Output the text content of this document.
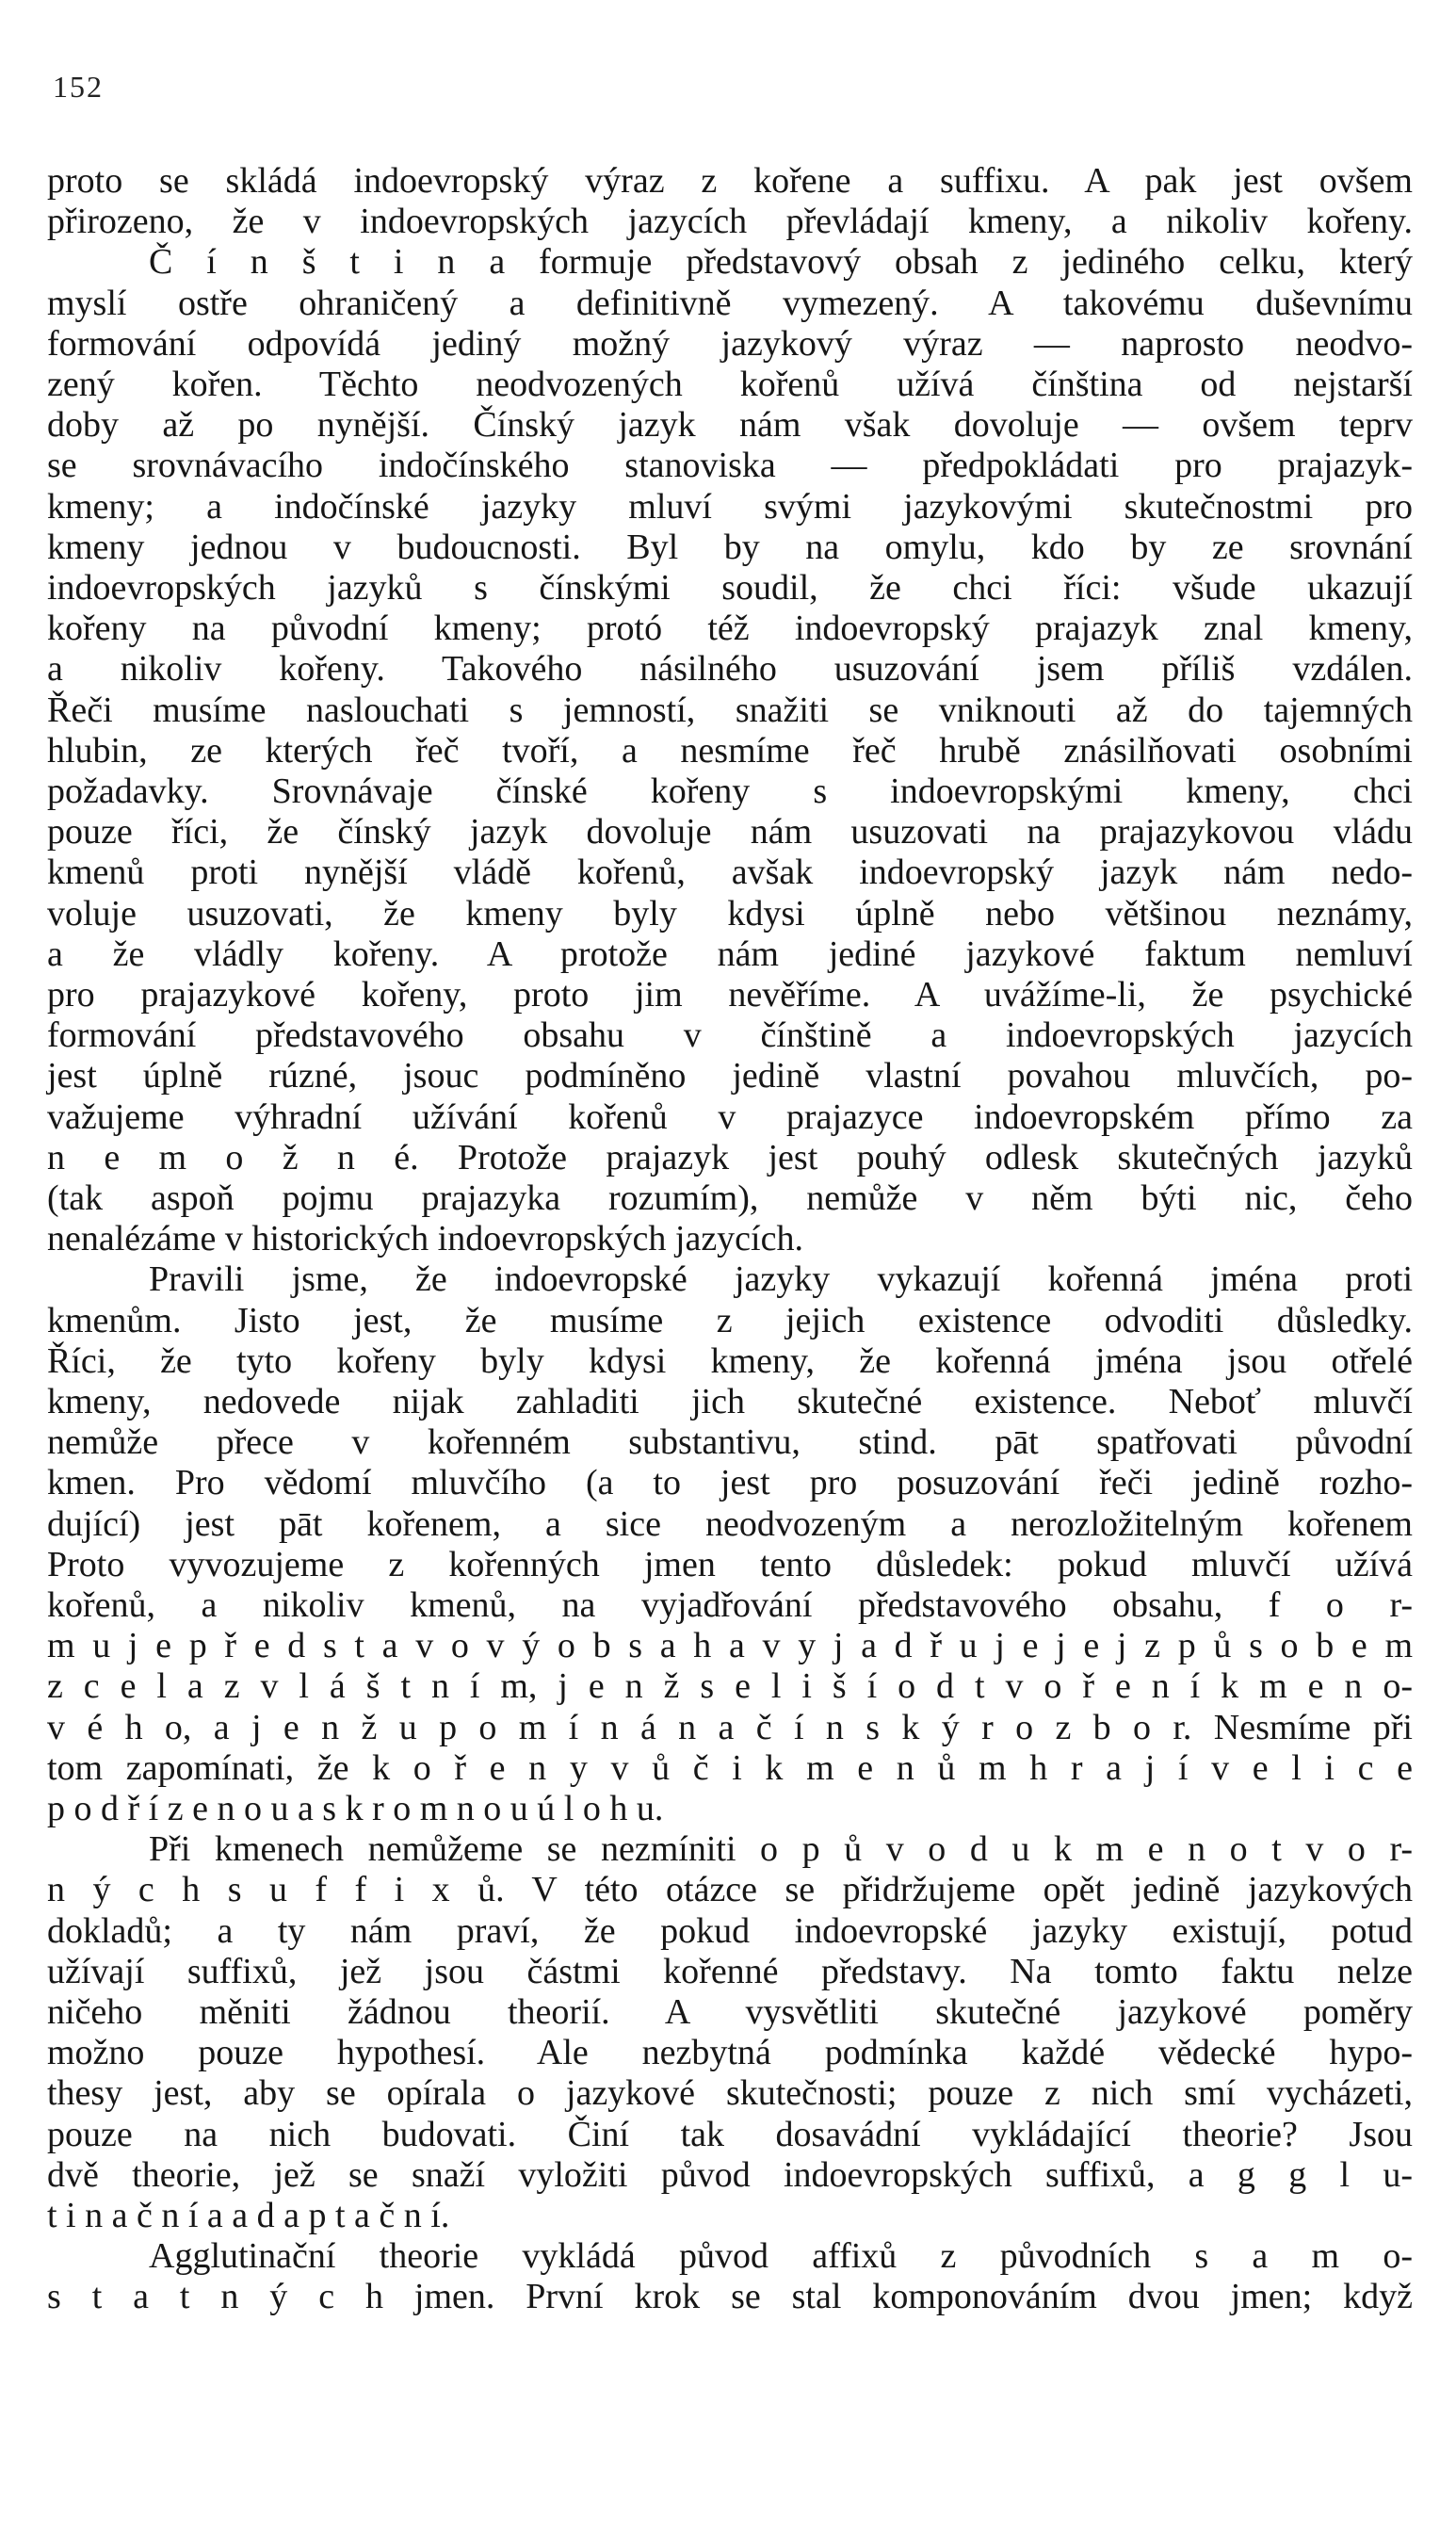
152
proto se skládá indoevropský výraz z kořene a suffixu. A pak jest ovšem
přirozeno, že v indoevropských jazycích převládají kmeny, a nikoliv kořeny.
Č í n š t i n a formuje představový obsah z jediného celku, který
myslí ostře ohraničený a definitivně vymezený. A takovému duševnímu
formování odpovídá jediný možný jazykový výraz — naprosto neodvo-
zený kořen. Těchto neodvozených kořenů užívá čínština od nejstarší
doby až po nynější. Čínský jazyk nám však dovoluje — ovšem teprv
se srovnávacího indočínského stanoviska — předpokládati pro prajazyk-
kmeny; a indočínské jazyky mluví svými jazykovými skutečnostmi pro
kmeny jednou v budoucnosti. Byl by na omylu, kdo by ze srovnání
indoevropských jazyků s čínskými soudil, že chci říci: všude ukazují
kořeny na původní kmeny; protó též indoevropský prajazyk znal kmeny,
a nikoliv kořeny. Takového násilného usuzování jsem příliš vzdálen.
Řeči musíme naslouchati s jemností, snažiti se vniknouti až do tajemných
hlubin, ze kterých řeč tvoří, a nesmíme řeč hrubě znásilňovati osobními
požadavky. Srovnávaje čínské kořeny s indoevropskými kmeny, chci
pouze říci, že čínský jazyk dovoluje nám usuzovati na prajazykovou vládu
kmenů proti nynější vládě kořenů, avšak indoevropský jazyk nám nedo-
voluje usuzovati, že kmeny byly kdysi úplně nebo většinou neznámy,
a že vládly kořeny. A protože nám jediné jazykové faktum nemluví
pro prajazykové kořeny, proto jim nevěříme. A uvážíme-li, že psychické
formování představového obsahu v čínštině a indoevropských jazycích
jest úplně rúzné, jsouc podmíněno jedině vlastní povahou mluvčích, po-
važujeme výhradní užívání kořenů v prajazyce indoevropském přímo za
n e m o ž n é. Protože prajazyk jest pouhý odlesk skutečných jazyků
(tak aspoň pojmu prajazyka rozumím), nemůže v něm býti nic, čeho
nenalézáme v historických indoevropských jazycích.
Pravili jsme, že indoevropské jazyky vykazují kořenná jména proti
kmenům. Jisto jest, že musíme z jejich existence odvoditi důsledky.
Říci, že tyto kořeny byly kdysi kmeny, že kořenná jména jsou otřelé
kmeny, nedovede nijak zahladiti jich skutečné existence. Neboť mluvčí
nemůže přece v kořenném substantivu, stind. pāt spatřovati původní
kmen. Pro vědomí mluvčího (a to jest pro posuzování řeči jedině rozho-
dující) jest pāt kořenem, a sice neodvozeným a nerozložitelným kořenem
Proto vyvozujeme z kořenných jmen tento důsledek: pokud mluvčí užívá
kořenů, a nikoliv kmenů, na vyjadřování představového obsahu, f o r-
m u j e p ř e d s t a v o v ý o b s a h a v y j a d ř u j e j e j z p ů s o b e m
z c e l a z v l á š t n í m, j e n ž s e l i š í o d t v o ř e n í k m e n o-
v é h o, a j e n ž u p o m í n á n a č í n s k ý r o z b o r. Nesmíme při
tom zapomínati, že k o ř e n y v ů č i k m e n ů m h r a j í v e l i c e
p o d ř í z e n o u a s k r o m n o u ú l o h u.
Při kmenech nemůžeme se nezmíniti o p ů v o d u k m e n o t v o r-
n ý c h s u f f i x ů. V této otázce se přidržujeme opět jedině jazykových
dokladů; a ty nám praví, že pokud indoevropské jazyky existují, potud
užívají suffixů, jež jsou částmi kořenné představy. Na tomto faktu nelze
ničeho měniti žádnou theorií. A vysvětliti skutečné jazykové poměry
možno pouze hypothesí. Ale nezbytná podmínka každé vědecké hypo-
thesy jest, aby se opírala o jazykové skutečnosti; pouze z nich smí vycházeti,
pouze na nich budovati. Činí tak dosavádní vykládající theorie? Jsou
dvě theorie, jež se snaží vyložiti původ indoevropských suffixů, a g g l u-
t i n a č n í a a d a p t a č n í.
Agglutinační theorie vykládá původ affixů z původních s a m o-
s t a t n ý c h jmen. První krok se stal komponováním dvou jmen; když
